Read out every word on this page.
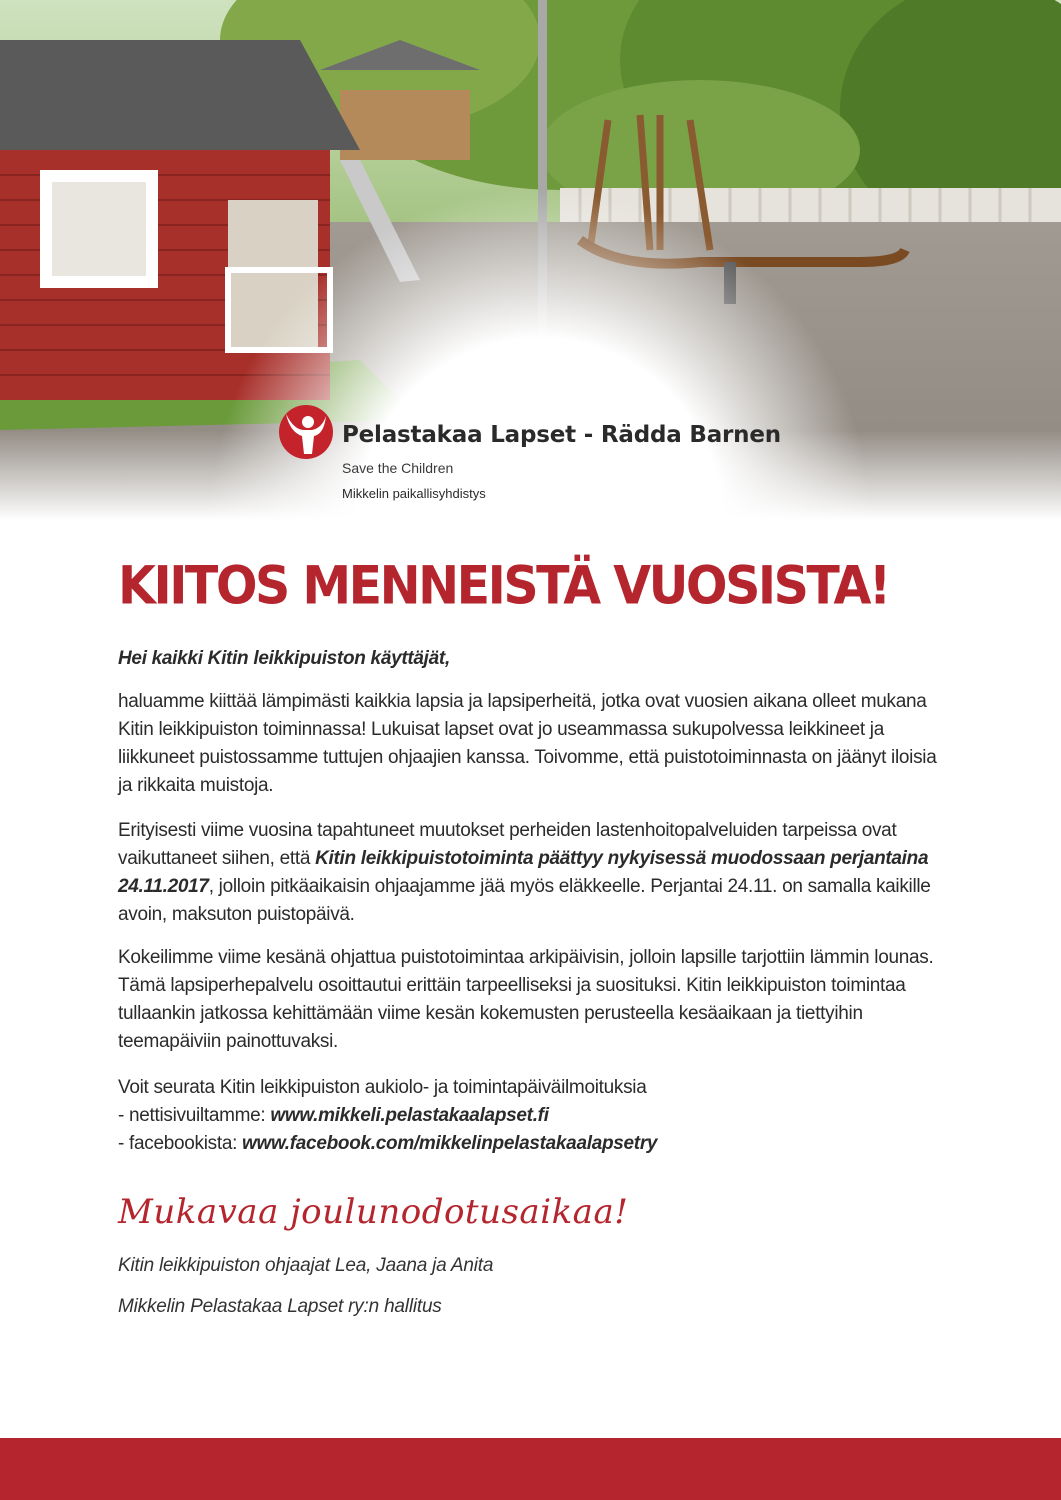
Pelastakaa Lapset - Rädda Barnen
Save the Children
Mikkelin paikallisyhdistys
KIITOS MENNEISTÄ VUOSISTA!
Hei kaikki Kitin leikkipuiston käyttäjät,

haluamme kiittää lämpimästi kaikkia lapsia ja lapsiperheitä, jotka ovat vuosien aikana olleet mukana Kitin leikkipuiston toiminnassa! Lukuisat lapset ovat jo useammassa sukupolvessa leikkineet ja liikkuneet puistossamme tuttujen ohjaajien kanssa. Toivomme, että puistotoiminnasta on jäänyt iloisia ja rikkaita muistoja.

Erityisesti viime vuosina tapahtuneet muutokset perheiden lastenhoitopalveluiden tarpeissa ovat vaikuttaneet siihen, että Kitin leikkipuistotoiminta päättyy nykyisessä muodossaan perjantaina 24.11.2017, jolloin pitkäaikaisin ohjaajamme jää myös eläkkeelle. Perjantai 24.11. on samalla kaikille avoin, maksuton puistopäivä.

Kokeilimme viime kesänä ohjattua puistotoimintaa arkipäivisin, jolloin lapsille tarjottiin lämmin lounas. Tämä lapsiperhepalvelu osoittautui erittäin tarpeelliseksi ja suosituksi. Kitin leikkipuiston toimintaa tullaankin jatkossa kehittämään viime kesän kokemusten perusteella kesäaikaan ja tiettyihin teemapäiviin painottuvaksi.

Voit seurata Kitin leikkipuiston aukiolo- ja toimintapäiväilmoituksia

- nettisivuiltamme: www.mikkeli.pelastakaalapset.fi

- facebookista: www.facebook.com/mikkelinpelastakaalapsetry

Mukavaa joulunodotusaikaa!
Kitin leikkipuiston ohjaajat Lea, Jaana ja Anita
Mikkelin Pelastakaa Lapset ry:n hallitus
